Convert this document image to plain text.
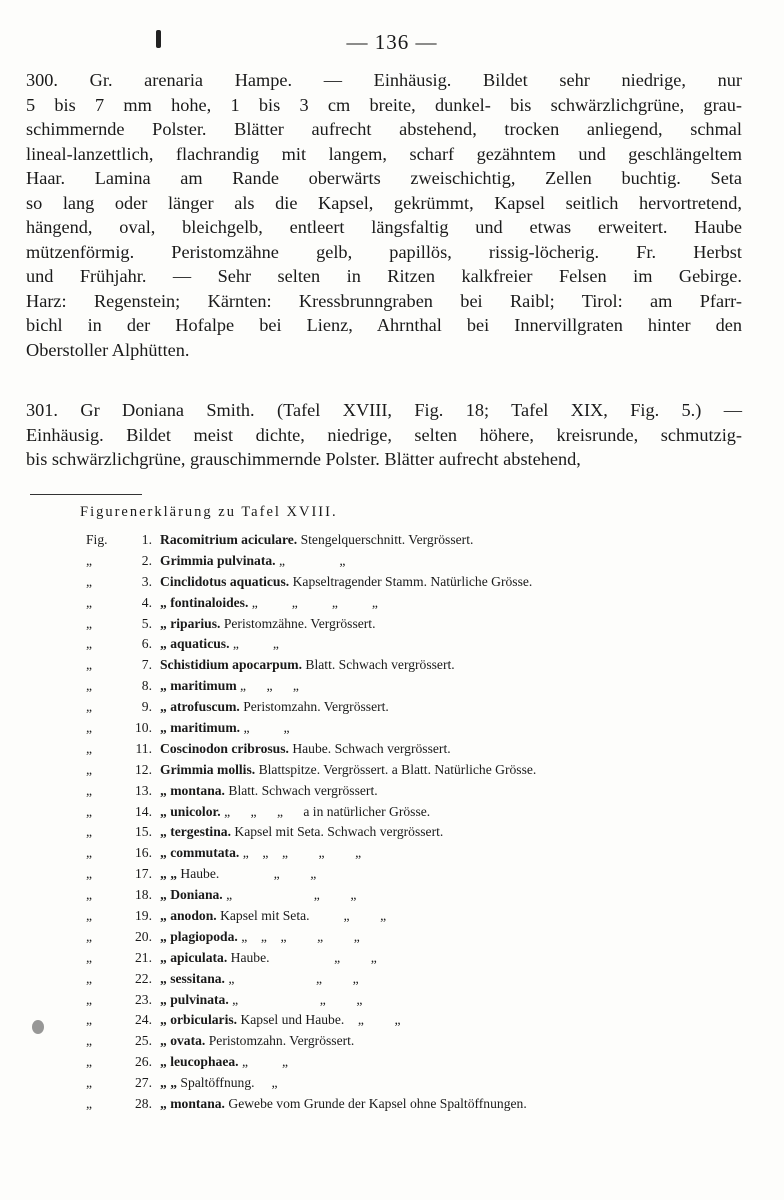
— 136 —
300. Gr. arenaria Hampe. — Einhäusig. Bildet sehr niedrige, nur
5 bis 7 mm hohe, 1 bis 3 cm breite, dunkel- bis schwärzlichgrüne, grau-
schimmernde Polster. Blätter aufrecht abstehend, trocken anliegend, schmal
lineal-lanzettlich, flachrandig mit langem, scharf gezähntem und geschlängeltem
Haar. Lamina am Rande oberwärts zweischichtig, Zellen buchtig. Seta
so lang oder länger als die Kapsel, gekrümmt, Kapsel seitlich hervortretend,
hängend, oval, bleichgelb, entleert längsfaltig und etwas erweitert. Haube
mützenförmig. Peristomzähne gelb, papillös, rissig-löcherig. Fr. Herbst
und Frühjahr. — Sehr selten in Ritzen kalkfreier Felsen im Gebirge.
Harz: Regenstein; Kärnten: Kressbrunngraben bei Raibl; Tirol: am Pfarr-
bichl in der Hofalpe bei Lienz, Ahrnthal bei Innervillgraten hinter den
Oberstoller Alphütten.
301. Gr Doniana Smith. (Tafel XVIII, Fig. 18; Tafel XIX, Fig. 5.) —
Einhäusig. Bildet meist dichte, niedrige, selten höhere, kreisrunde, schmutzig-
bis schwärzlichgrüne, grauschimmernde Polster. Blätter aufrecht abstehend,
Figurenerklärung zu Tafel XVIII.
Fig.	1. Racomitrium aciculare. Stengelquerschnitt. Vergrössert.
„	2. Grimmia pulvinata. „                „
„	3. Cinclidotus aquaticus. Kapseltragender Stamm. Natürliche Grösse.
„	4. „ fontinaloides. „          „          „          „
„	5. „ riparius. Peristomzähne. Vergrössert.
„	6. „ aquaticus. „          „
„	7. Schistidium apocarpum. Blatt. Schwach vergrössert.
„	8. „ maritimum „      „      „
„	9. „ atrofuscum. Peristomzahn. Vergrössert.
„	10. „ maritimum. „          „
„	11. Coscinodon cribrosus. Haube. Schwach vergrössert.
„	12. Grimmia mollis. Blattspitze. Vergrössert. a Blatt. Natürliche Grösse.
„	13. „ montana. Blatt. Schwach vergrössert.
„	14. „ unicolor. „      „      „      a in natürlicher Grösse.
„	15. „ tergestina. Kapsel mit Seta. Schwach vergrössert.
„	16. „ commutata. „    „    „         „         „
„	17. „ „ Haube.                „         „
„	18. „ Doniana. „                        „         „
„	19. „ anodon. Kapsel mit Seta.          „         „
„	20. „ plagiopoda. „    „    „         „         „
„	21. „ apiculata. Haube.                   „         „
„	22. „ sessitana. „                        „         „
„	23. „ pulvinata. „                        „         „
„	24. „ orbicularis. Kapsel und Haube.    „         „
„	25. „ ovata. Peristomzahn. Vergrössert.
„	26. „ leucophaea. „          „
„	27. „ „ Spaltöffnung.     „
„	28. „ montana. Gewebe vom Grunde der Kapsel ohne Spaltöffnungen.
